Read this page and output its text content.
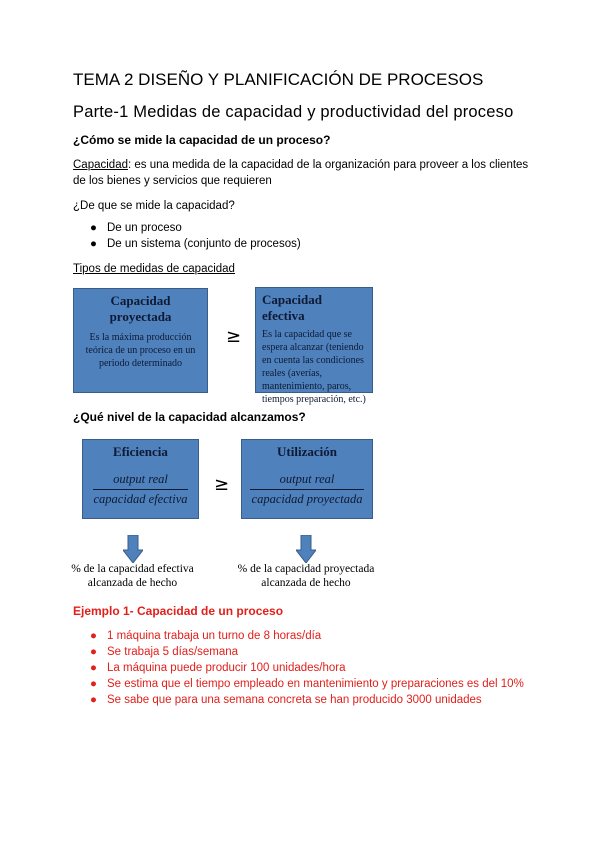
TEMA 2 DISEÑO Y PLANIFICACIÓN DE PROCESOS
Parte-1 Medidas de capacidad y productividad del proceso
¿Cómo se mide la capacidad de un proceso?
Capacidad: es una medida de la capacidad de la organización para proveer a los clientes de los bienes y servicios que requieren
¿De que se mide la capacidad?
● De un proceso
● De un sistema (conjunto de procesos)
Tipos de medidas de capacidad
Capacidad proyectada
Es la máxima producción teórica de un proceso en un periodo determinado
≥
Capacidad efectiva
Es la capacidad que se espera alcanzar (teniendo en cuenta las condiciones reales (averías, mantenimiento, paros, tiempos preparación, etc.)
¿Qué nivel de la capacidad alcanzamos?
Eficiencia
output real
capacidad efectiva
≥
Utilización
output real
capacidad proyectada
% de la capacidad efectiva
alcanzada de hecho
% de la capacidad proyectada
alcanzada de hecho
Ejemplo 1- Capacidad de un proceso
● 1 máquina trabaja un turno de 8 horas/día
● Se trabaja 5 días/semana
● La máquina puede producir 100 unidades/hora
● Se estima que el tiempo empleado en mantenimiento y preparaciones es del 10%
● Se sabe que para una semana concreta se han producido 3000 unidades
